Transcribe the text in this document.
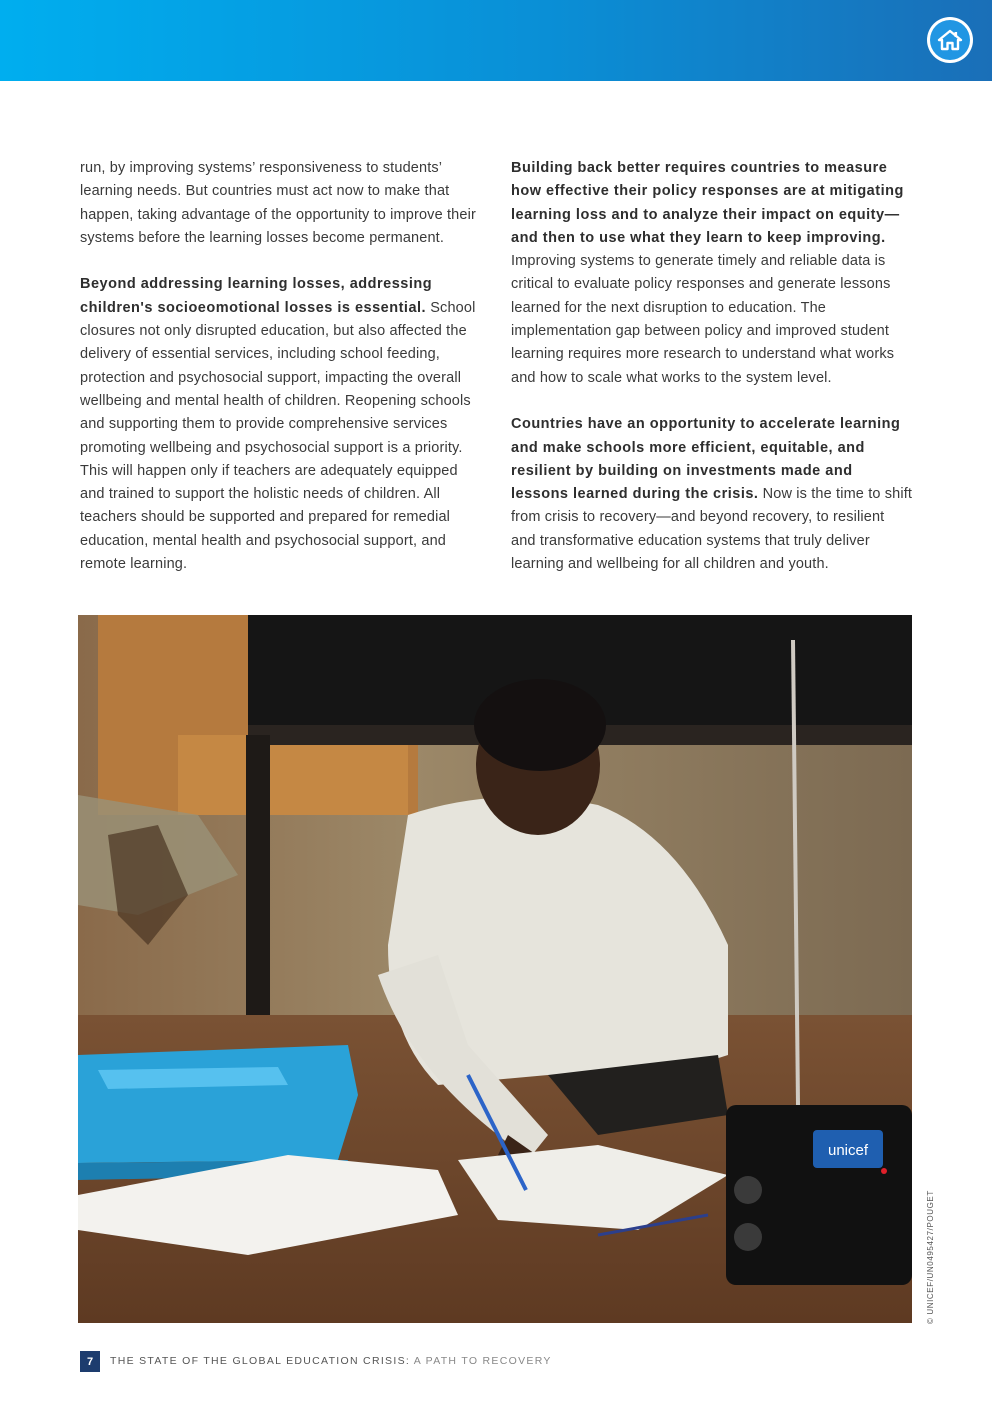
run, by improving systems’ responsiveness to students’ learning needs. But countries must act now to make that happen, taking advantage of the opportunity to improve their systems before the learning losses become permanent.

Beyond addressing learning losses, addressing children's socioeomotional losses is essential. School closures not only disrupted education, but also affected the delivery of essential services, including school feeding, protection and psychosocial support, impacting the overall wellbeing and mental health of children. Reopening schools and supporting them to provide comprehensive services promoting wellbeing and psychosocial support is a priority. This will happen only if teachers are adequately equipped and trained to support the holistic needs of children. All teachers should be supported and prepared for remedial education, mental health and psychosocial support, and remote learning.

Building back better requires countries to measure how effective their policy responses are at mitigating learning loss and to analyze their impact on equity—and then to use what they learn to keep improving. Improving systems to generate timely and reliable data is critical to evaluate policy responses and generate lessons learned for the next disruption to education. The implementation gap between policy and improved student learning requires more research to understand what works and how to scale what works to the system level.

Countries have an opportunity to accelerate learning and make schools more efficient, equitable, and resilient by building on investments made and lessons learned during the crisis. Now is the time to shift from crisis to recovery—and beyond recovery, to resilient and transformative education systems that truly deliver learning and wellbeing for all children and youth.

unicef
© UNICEF/UN0495427/POUGET
7	THE STATE OF THE GLOBAL EDUCATION CRISIS: A PATH TO RECOVERY
